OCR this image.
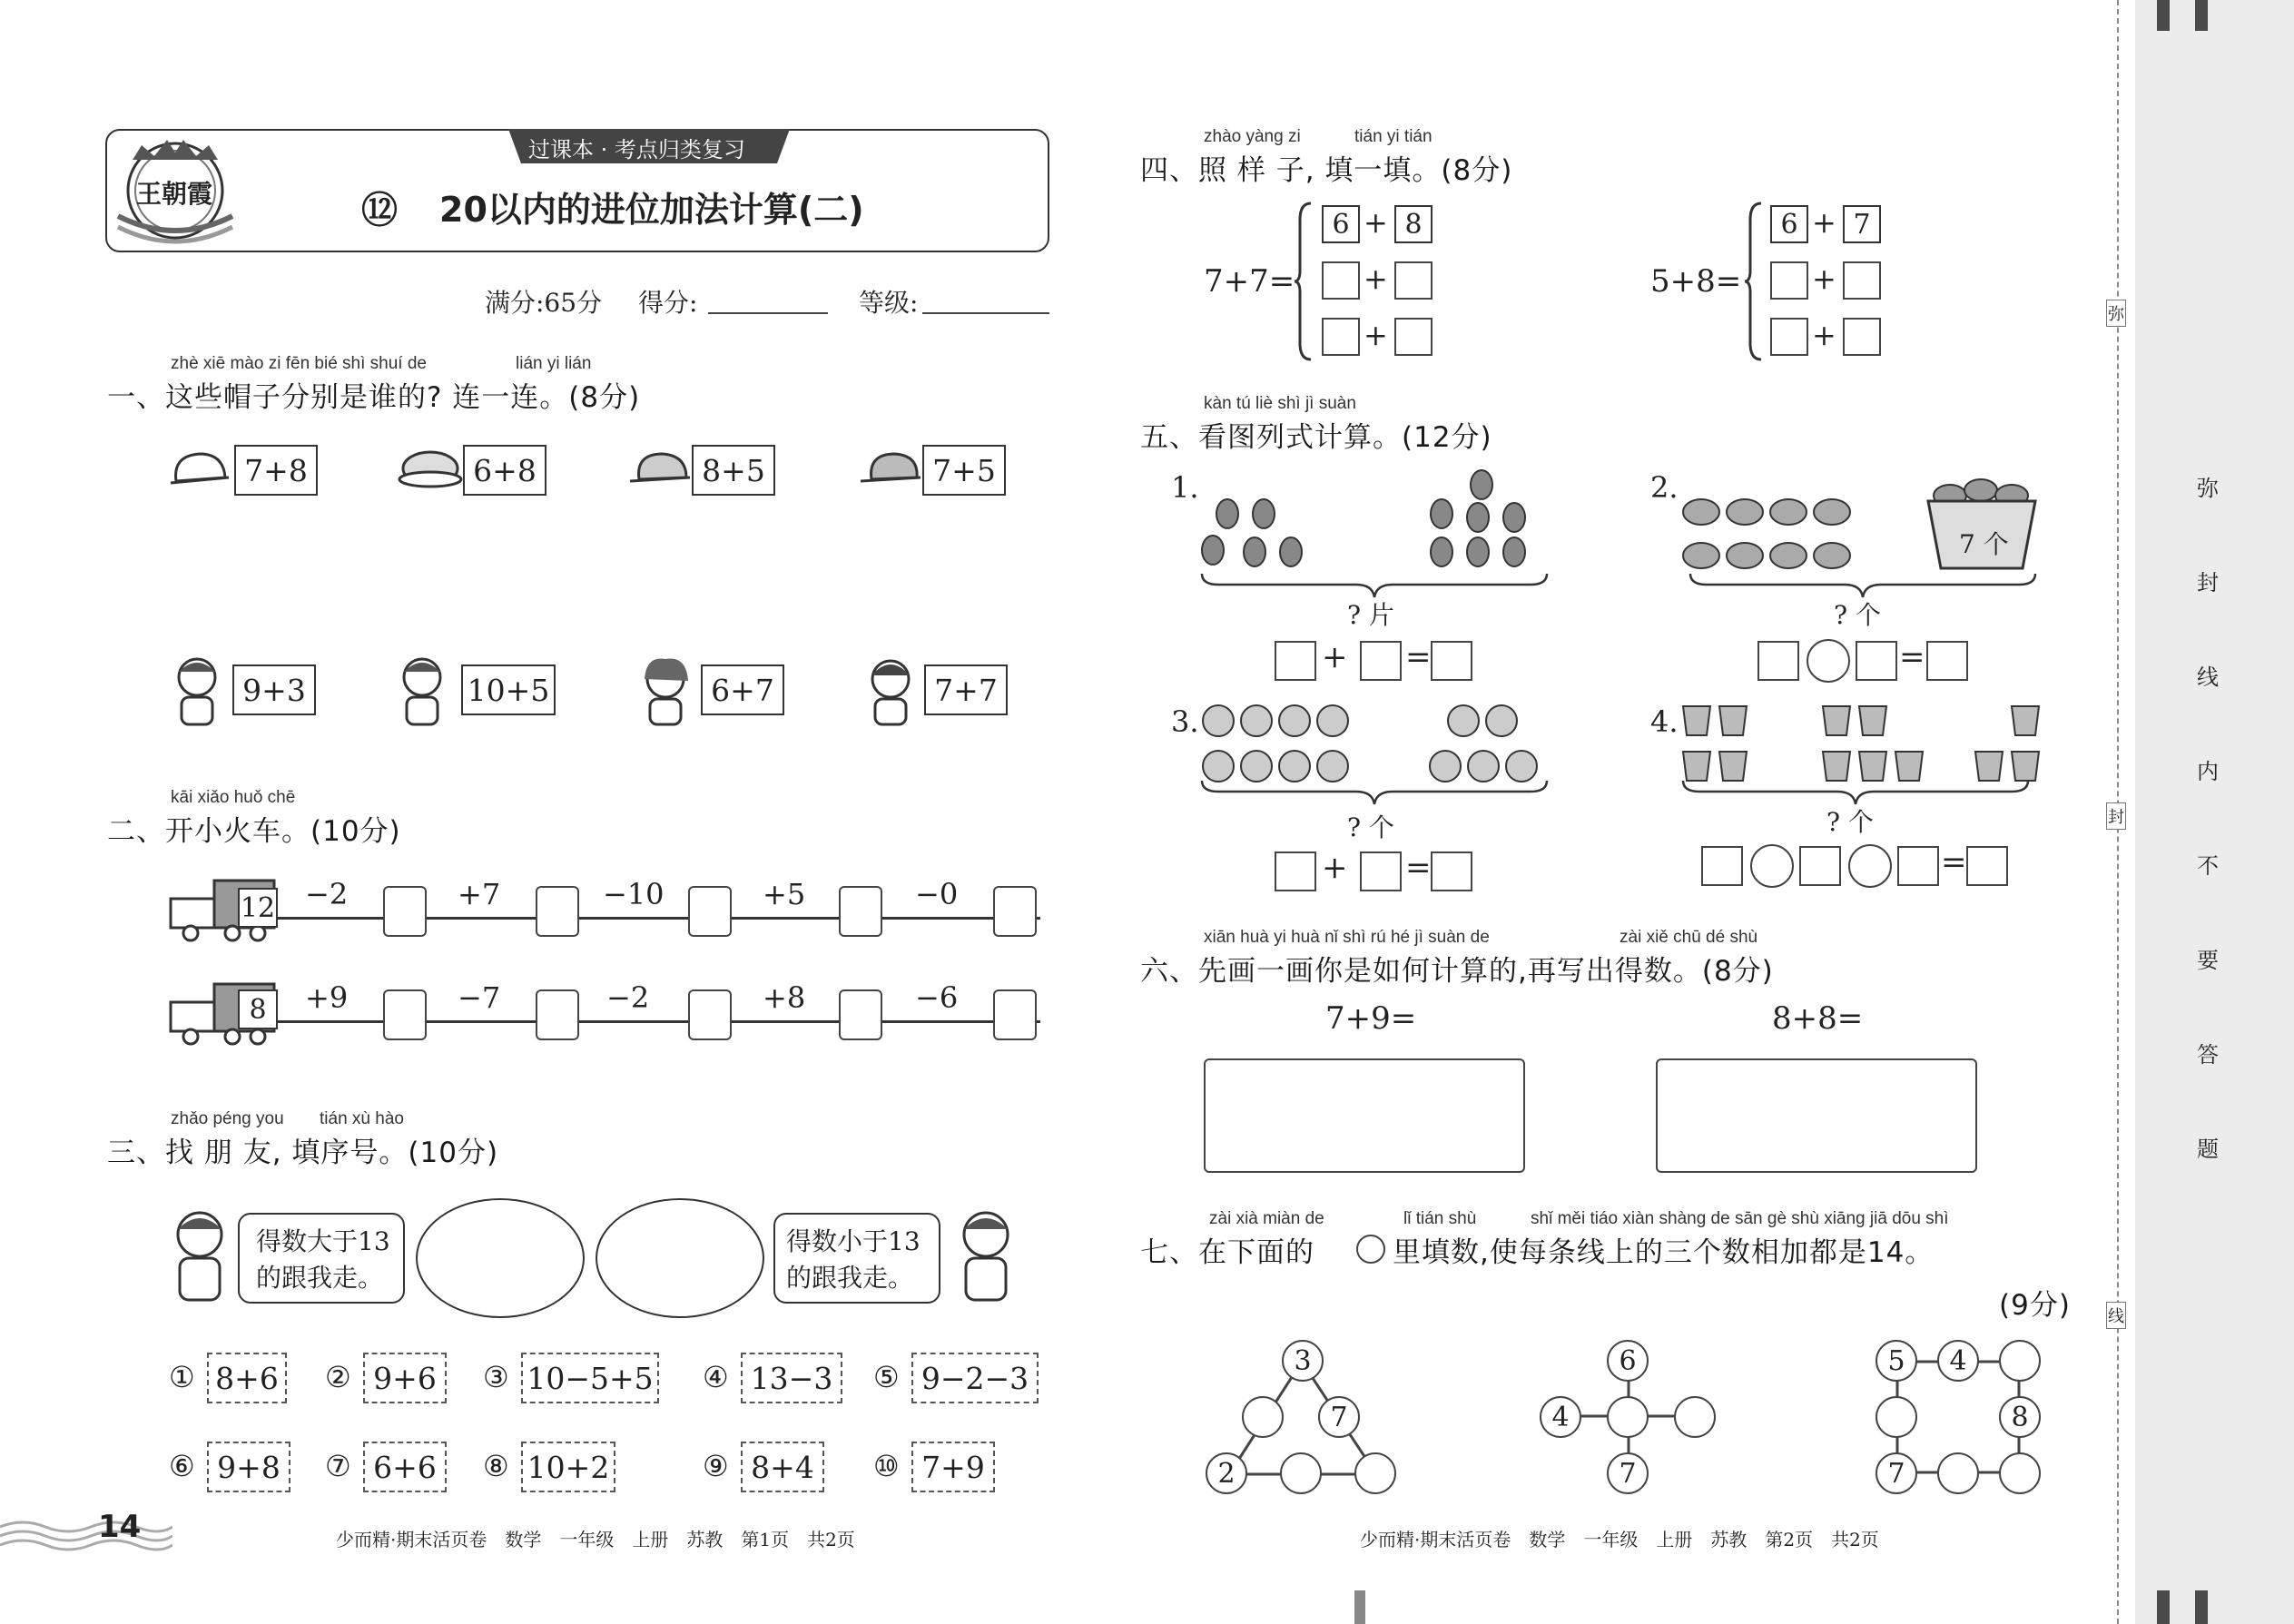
王朝霞
过课本 · 考点归类复习
⑫ 20以内的进位加法计算(二)
满分:65分 得分:	等级:
zhè xiē mào zi fēn bié shì shuí de	lián yi lián
一、这些帽子分别是谁的? 连一连。(8分)
7+8	6+8	8+5	7+5
9+3	10+5	6+7	7+7
kāi xiǎo huǒ chē
二、开小火车。(10分)
12 −2	+7	−10	+5	−0
8	+9	−7	−2	+8	−6
zhǎo péng you tián xù hào
三、找 朋 友, 填序号。(10分)
得数大于13
的跟我走。
得数小于13
的跟我走。
① 8+6 ② 9+6	③ 10−5+5 ④ 13−3	⑤ 9−2−3
⑥ 9+8	⑦ 6+6	⑧ 10+2	⑨ 8+4	⑩ 7+9
14	少而精·期末活页卷　数学　一年级　上册　苏教　第1页　共2页
zhào yàng zi	tián yi tián
四、照 样 子, 填一填。(8分)
7+7=
6 + 8
+
+
5+8=
6 + 7
+
+
kàn tú liè shì jì suàn
五、看图列式计算。(12分)
1.
? 片
+ =
2.
7 个
? 个
=
3.
? 个
+ =
4.
? 个
=
xiān huà yi huà nǐ shì rú hé jì suàn de	zài xiě chū dé shù
六、先画一画你是如何计算的,再写出得数。(8分)
7+9=	8+8=
zài xià miàn de	lǐ tián shù	shǐ měi tiáo xiàn shàng de sān gè shù xiāng jiā dōu shì
七、在下面的	里填数,使每条线上的三个数相加都是14。
(9分)
3
7
2
6
4
7
5	4
8
7
少而精·期末活页卷　数学　一年级　上册　苏教　第2页　共2页
弥
封
线
弥
封
线
内
不
要
答
题
